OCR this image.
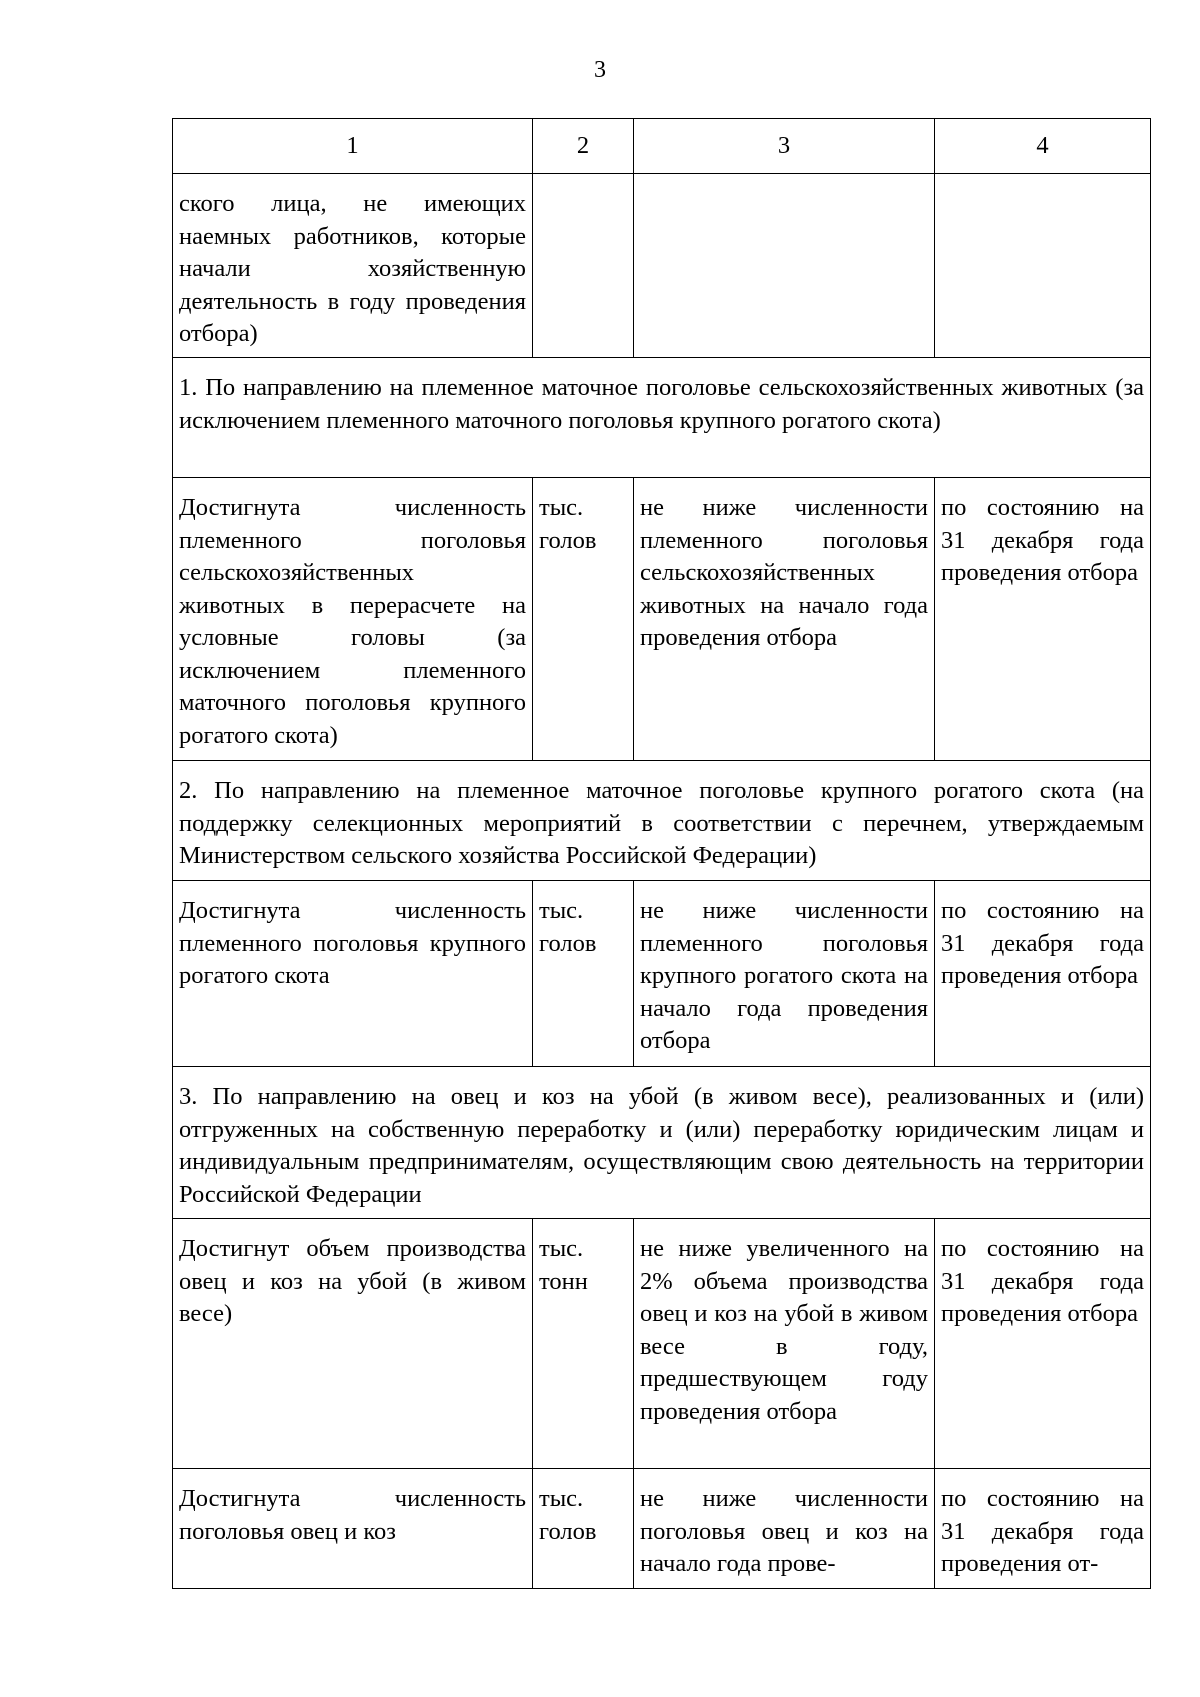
3
1	2	3	4
ского лица, не имеющих наемных работников, которые начали хозяйственную деятельность в году проведения отбора)			
1. По направлению на племенное маточное поголовье сельскохозяйственных животных (за исключением племенного маточного поголовья крупного рогатого скота)			
Достигнута численность племенного поголовья сельскохозяйственных животных в перерасчете на условные головы (за исключением племенного маточного поголовья крупного рогатого скота)	тыс. голов	не ниже численности племенного поголовья сельскохозяйственных животных на начало года проведения отбора	по состоянию на 31 декабря года проведения отбора
2. По направлению на племенное маточное поголовье крупного рогатого скота (на поддержку селекционных мероприятий в соответствии с перечнем, утверждаемым Министерством сельского хозяйства Российской Федерации)			
Достигнута численность племенного поголовья крупного рогатого скота	тыс. голов	не ниже численности племенного поголовья крупного рогатого скота на начало года проведения отбора	по состоянию на 31 декабря года проведения отбора
3. По направлению на овец и коз на убой (в живом весе), реализованных и (или) отгруженных на собственную переработку и (или) переработку юридическим лицам и индивидуальным предпринимателям, осуществляющим свою деятельность на территории Российской Федерации			
Достигнут объем производства овец и коз на убой (в живом весе)	тыс. тонн	не ниже увеличенного на 2% объема производства овец и коз на убой в живом весе в году, предшествующем году проведения отбора	по состоянию на 31 декабря года проведения отбора
Достигнута численность поголовья овец и коз	тыс. голов	не ниже численности поголовья овец и коз на начало года прове-	по состоянию на 31 декабря года проведения от-
